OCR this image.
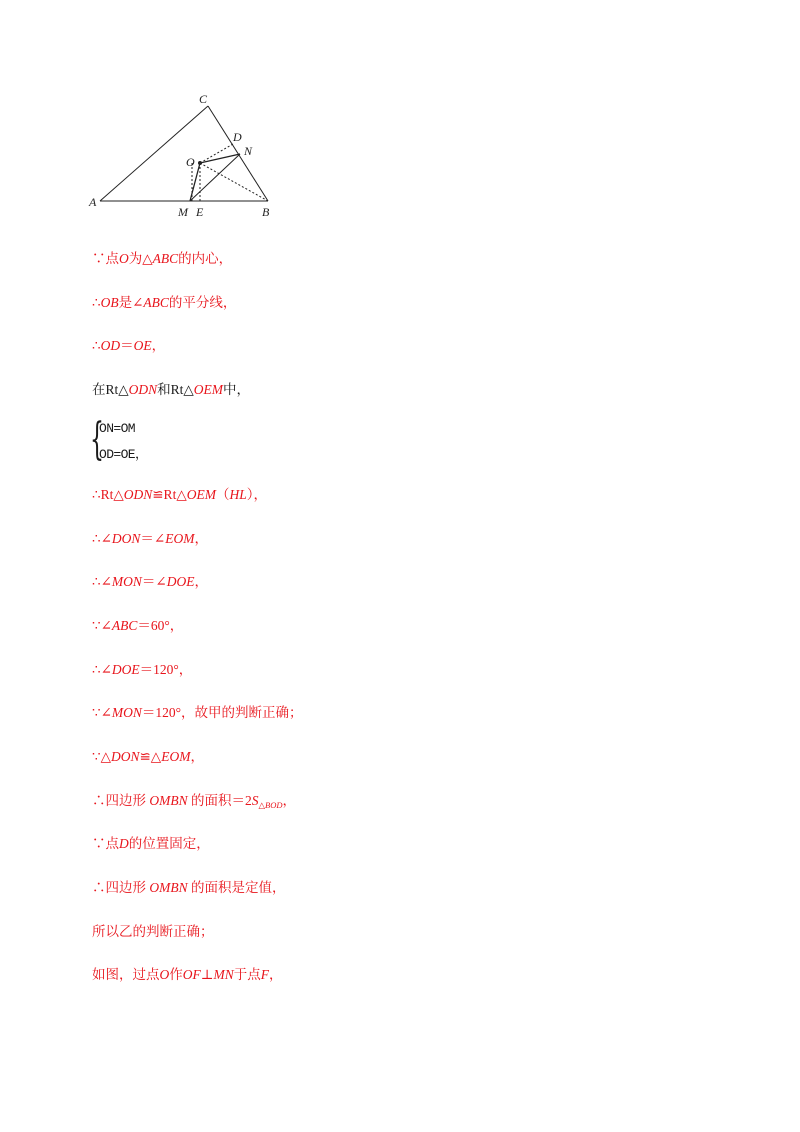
C
D
N
O
A
M E	B
∵点O为△ABC的内心，
∴OB是∠ABC的平分线，
∴OD＝OE，
在Rt△ODN和Rt△OEM中，
{
ON=OM
OD=OE，
∴Rt△ODN≌Rt△OEM（HL），
∴∠DON＝∠EOM，
∴∠MON＝∠DOE，
∵∠ABC＝60°，
∴∠DOE＝120°，
∵∠MON＝120°，故甲的判断正确；
∵△DON≌△EOM，
∴四边形 OMBN 的面积$=2S_{\triangle BOD}$，
∵点D的位置固定，
∴四边形 OMBN 的面积是定值，
所以乙的判断正确；
如图，过点O作OF⊥MN于点F，
